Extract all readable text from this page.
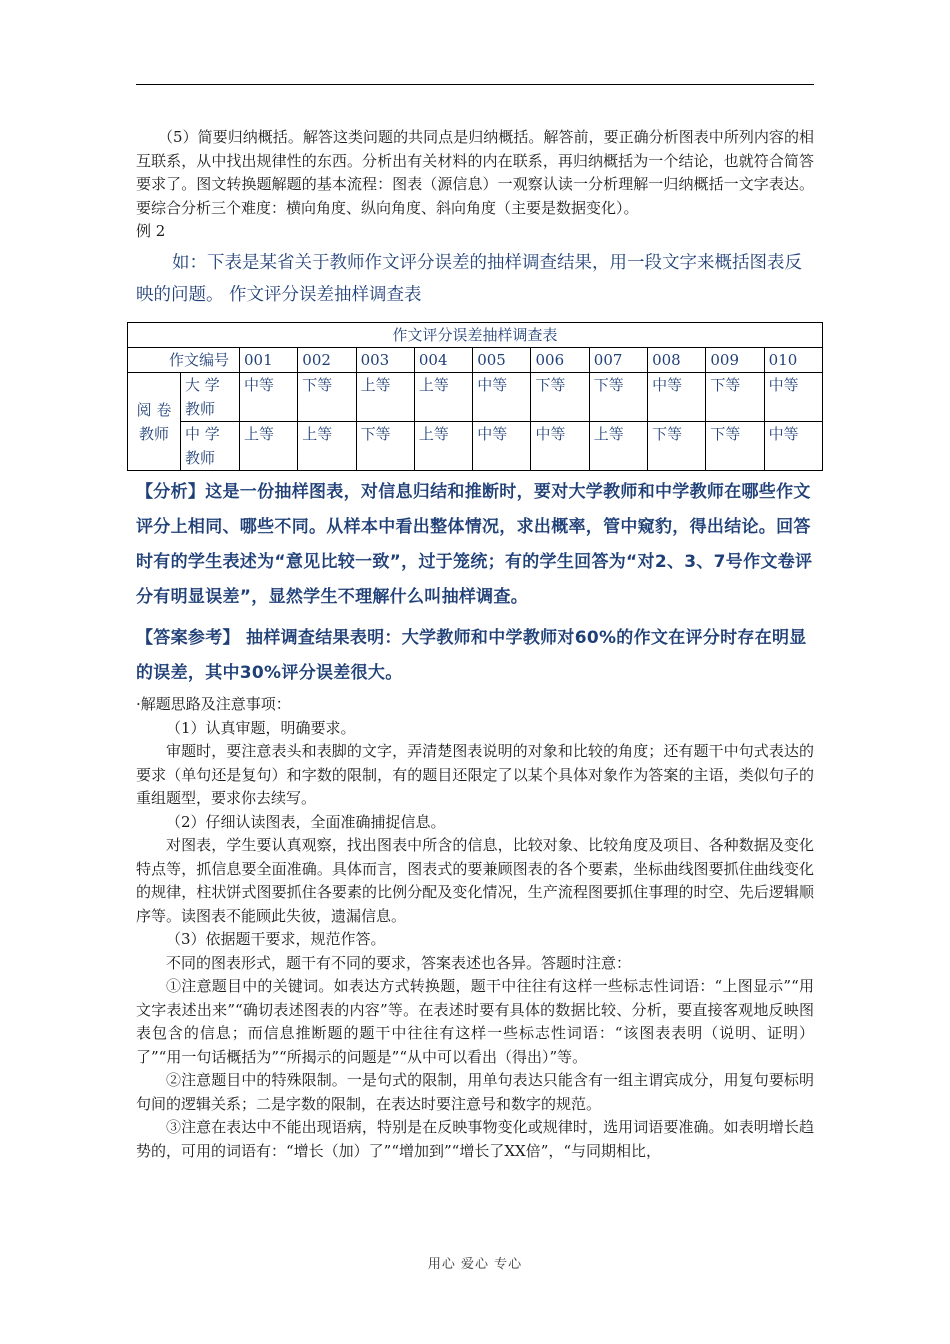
（5）简要归纳概括。解答这类问题的共同点是归纳概括。解答前，要正确分析图表中所列内容的相互联系，从中找出规律性的东西。分析出有关材料的内在联系，再归纳概括为一个结论，也就符合简答要求了。图文转换题解题的基本流程：图表（源信息）一观察认读一分析理解一归纳概括一文字表达。要综合分析三个难度：横向角度、纵向角度、斜向角度（主要是数据变化）。

例 2

如：下表是某省关于教师作文评分误差的抽样调查结果，用一段文字来概括图表反映的问题。 作文评分误差抽样调查表

作文评分误差抽样调查表											
作文编号		001	002	003	004	005	006	007	008	009	010
阅 卷 教师	大 学 教师	中等	下等	上等	上等	中等	下等	下等	中等	下等	中等
	中 学 教师	上等	上等	下等	上等	中等	中等	上等	下等	下等	中等

【分析】这是一份抽样图表，对信息归结和推断时，要对大学教师和中学教师在哪些作文评分上相同、哪些不同。从样本中看出整体情况，求出概率，管中窥豹，得出结论。回答时有的学生表述为“意见比较一致”，过于笼统；有的学生回答为“对2、3、7号作文卷评分有明显误差”，显然学生不理解什么叫抽样调查。

【答案参考】 抽样调查结果表明：大学教师和中学教师对60%的作文在评分时存在明显的误差，其中30%评分误差很大。

·解题思路及注意事项：

（1）认真审题，明确要求。

审题时，要注意表头和表脚的文字，弄清楚图表说明的对象和比较的角度；还有题干中句式表达的要求（单句还是复句）和字数的限制，有的题目还限定了以某个具体对象作为答案的主语，类似句子的重组题型，要求你去续写。

（2）仔细认读图表，全面准确捕捉信息。

对图表，学生要认真观察，找出图表中所含的信息，比较对象、比较角度及项目、各种数据及变化特点等，抓信息要全面准确。具体而言，图表式的要兼顾图表的各个要素，坐标曲线图要抓住曲线变化的规律，柱状饼式图要抓住各要素的比例分配及变化情况，生产流程图要抓住事理的时空、先后逻辑顺序等。读图表不能顾此失彼，遗漏信息。

（3）依据题干要求，规范作答。

不同的图表形式，题干有不同的要求，答案表述也各异。答题时注意：

①注意题目中的关键词。如表达方式转换题，题干中往往有这样一些标志性词语：“上图显示”“用文字表述出来”“确切表述图表的内容”等。在表述时要有具体的数据比较、分析，要直接客观地反映图表包含的信息；而信息推断题的题干中往往有这样一些标志性词语：“该图表表明（说明、证明）了”“用一句话概括为”“所揭示的问题是”“从中可以看出（得出）”等。

②注意题目中的特殊限制。一是句式的限制，用单句表达只能含有一组主谓宾成分，用复句要标明句间的逻辑关系；二是字数的限制，在表达时要注意号和数字的规范。

③注意在表达中不能出现语病，特别是在反映事物变化或规律时，选用词语要准确。如表明增长趋势的，可用的词语有：“增长（加）了”“增加到”“增长了XX倍”，“与同期相比，

用心 爱心 专心
